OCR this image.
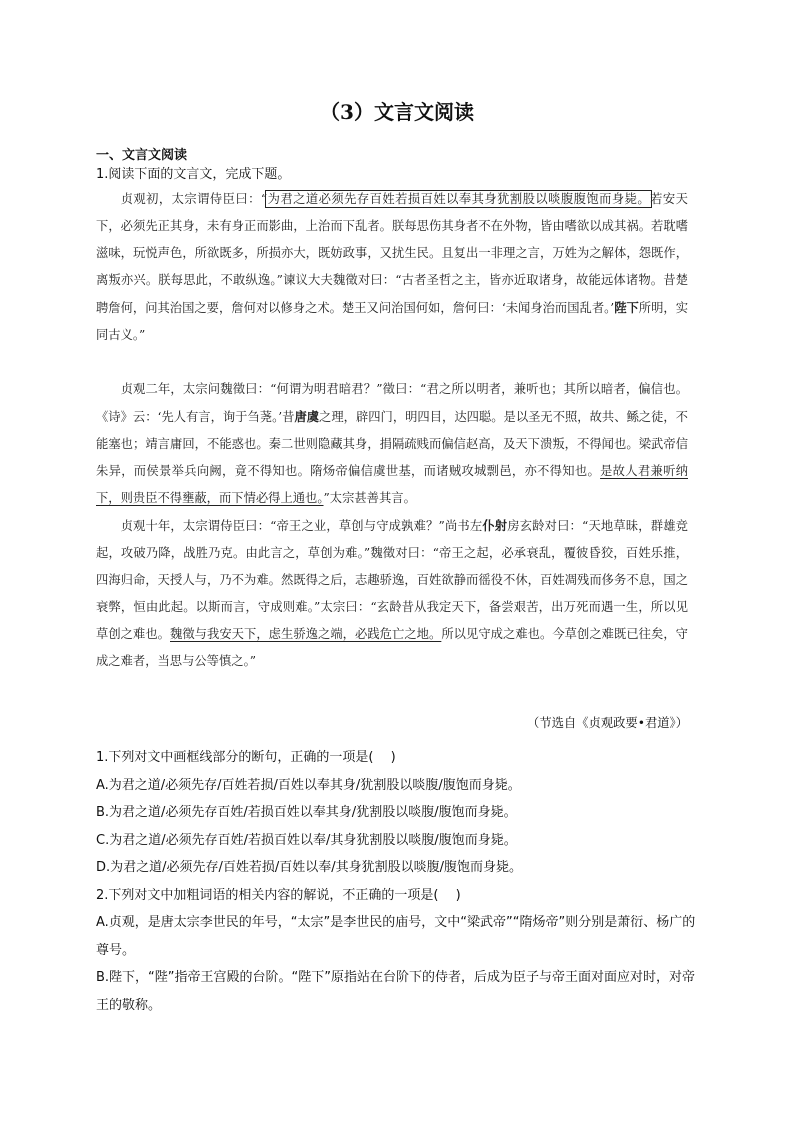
（3）文言文阅读
一、文言文阅读
1.阅读下面的文言文，完成下题。

贞观初，太宗谓侍臣曰：“为君之道必须先存百姓若损百姓以奉其身犹割股以啖腹腹饱而身毙。若安天下，必须先正其身，未有身正而影曲，上治而下乱者。朕每思伤其身者不在外物，皆由嗜欲以成其祸。若耽嗜滋味，玩悦声色，所欲既多，所损亦大，既妨政事，又扰生民。且复出一非理之言，万姓为之解体，怨既作，离叛亦兴。朕每思此，不敢纵逸。”谏议大夫魏徵对曰：“古者圣哲之主，皆亦近取诸身，故能远体诸物。昔楚聘詹何，问其治国之要，詹何对以修身之术。楚王又问治国何如，詹何曰：‘未闻身治而国乱者。’陛下所明，实同古义。”

贞观二年，太宗问魏徵曰：“何谓为明君暗君？”徵曰：“君之所以明者，兼听也；其所以暗者，偏信也。《诗》云：‘先人有言，询于刍荛。’昔唐虞之理，辟四门，明四目，达四聪。是以圣无不照，故共、鲧之徒，不能塞也；靖言庸回，不能惑也。秦二世则隐藏其身，捐隔疏贱而偏信赵高，及天下溃叛，不得闻也。梁武帝信朱异，而侯景举兵向阙，竟不得知也。隋炀帝偏信虞世基，而诸贼攻城剽邑，亦不得知也。是故人君兼听纳下，则贵臣不得壅蔽，而下情必得上通也。”太宗甚善其言。

贞观十年，太宗谓侍臣曰：“帝王之业，草创与守成孰难？”尚书左仆射房玄龄对曰：“天地草昧，群雄竞起，攻破乃降，战胜乃克。由此言之，草创为难。”魏徵对曰：“帝王之起，必承衰乱，覆彼昏狡，百姓乐推，四海归命，天授人与，乃不为难。然既得之后，志趣骄逸，百姓欲静而徭役不休，百姓凋残而侈务不息，国之衰弊，恒由此起。以斯而言，守成则难。”太宗曰：“玄龄昔从我定天下，备尝艰苦，出万死而遇一生，所以见草创之难也。魏徵与我安天下，虑生骄逸之端，必践危亡之地。所以见守成之难也。今草创之难既已往矣，守成之难者，当思与公等慎之。”

（节选自《贞观政要•君道》）
1.下列对文中画框线部分的断句，正确的一项是(　 )
A.为君之道/必须先存/百姓若损/百姓以奉其身/犹割股以啖腹/腹饱而身毙。
B.为君之道/必须先存百姓/若损百姓以奉其身/犹割股以啖腹/腹饱而身毙。
C.为君之道/必须先存百姓/若损百姓以奉/其身犹割股以啖腹/腹饱而身毙。
D.为君之道/必须先存/百姓若损/百姓以奉/其身犹割股以啖腹/腹饱而身毙。
2.下列对文中加粗词语的相关内容的解说，不正确的一项是(　 )
A.贞观，是唐太宗李世民的年号，“太宗”是李世民的庙号，文中“梁武帝”“隋炀帝”则分别是萧衍、杨广的尊号。
B.陛下，“陛”指帝王宫殿的台阶。“陛下”原指站在台阶下的侍者，后成为臣子与帝王面对面应对时，对帝王的敬称。
